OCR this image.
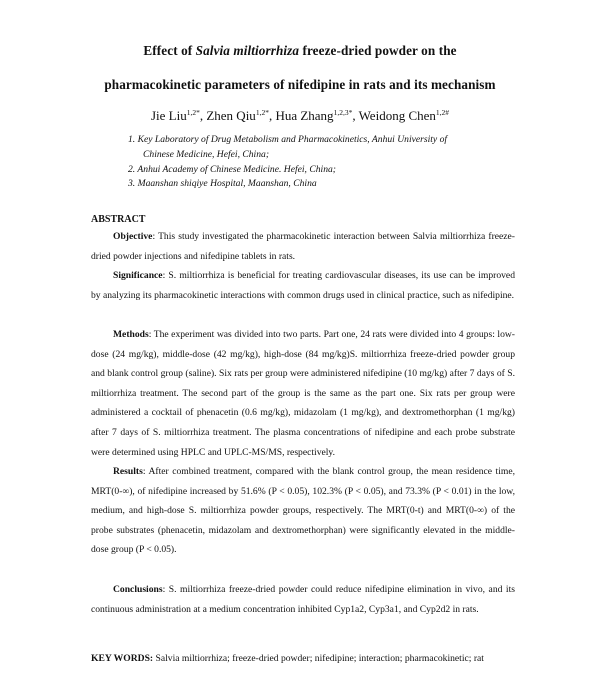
Effect of Salvia miltiorrhiza freeze-dried powder on the
pharmacokinetic parameters of nifedipine in rats and its mechanism
Jie Liu$^{1,2*}$, Zhen Qiu$^{1,2*}$, Hua Zhang$^{1,2,3*}$, Weidong Chen$^{1,2\#}$
1. Key Laboratory of Drug Metabolism and Pharmacokinetics, Anhui University of
Chinese Medicine, Hefei, China;
2. Anhui Academy of Chinese Medicine. Hefei, China;
3. Maanshan shiqiye Hospital, Maanshan, China
ABSTRACT
Objective: This study investigated the pharmacokinetic interaction between Salvia miltiorrhiza freeze-dried powder injections and nifedipine tablets in rats.
Significance: S. miltiorrhiza is beneficial for treating cardiovascular diseases, its use can be improved by analyzing its pharmacokinetic interactions with common drugs used in clinical practice, such as nifedipine.
Methods: The experiment was divided into two parts. Part one, 24 rats were divided into 4 groups: low-dose (24 mg/kg), middle-dose (42 mg/kg), high-dose (84 mg/kg)S. miltiorrhiza freeze-dried powder group and blank control group (saline). Six rats per group were administered nifedipine (10 mg/kg) after 7 days of S. miltiorrhiza treatment. The second part of the group is the same as the part one. Six rats per group were administered a cocktail of phenacetin (0.6 mg/kg), midazolam (1 mg/kg), and dextromethorphan (1 mg/kg) after 7 days of S. miltiorrhiza treatment. The plasma concentrations of nifedipine and each probe substrate were determined using HPLC and UPLC-MS/MS, respectively.
Results: After combined treatment, compared with the blank control group, the mean residence time, MRT(0-∞), of nifedipine increased by 51.6% (P < 0.05), 102.3% (P < 0.05), and 73.3% (P < 0.01) in the low, medium, and high-dose S. miltiorrhiza powder groups, respectively. The MRT(0-t) and MRT(0-∞) of the probe substrates (phenacetin, midazolam and dextromethorphan) were significantly elevated in the middle-dose group (P < 0.05).
Conclusions: S. miltiorrhiza freeze-dried powder could reduce nifedipine elimination in vivo, and its continuous administration at a medium concentration inhibited Cyp1a2, Cyp3a1, and Cyp2d2 in rats.
KEY WORDS: Salvia miltiorrhiza; freeze-dried powder; nifedipine; interaction; pharmacokinetic; rat
